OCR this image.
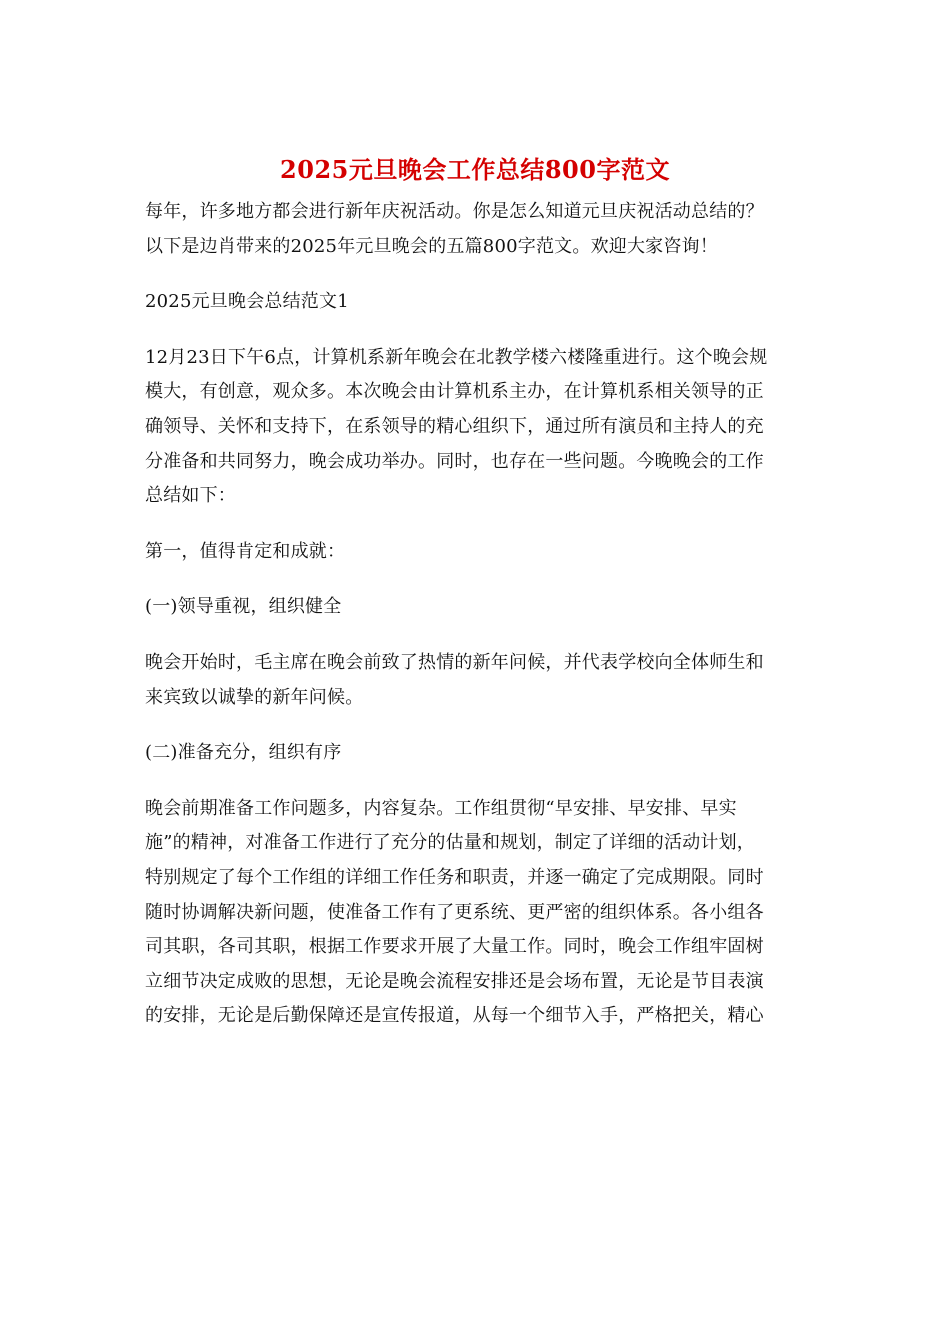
2025元旦晚会工作总结800字范文

每年，许多地方都会进行新年庆祝活动。你是怎么知道元旦庆祝活动总结的？
以下是边肖带来的2025年元旦晚会的五篇800字范文。欢迎大家咨询！

2025元旦晚会总结范文1

12月23日下午6点，计算机系新年晚会在北教学楼六楼隆重进行。这个晚会规
模大，有创意，观众多。本次晚会由计算机系主办，在计算机系相关领导的正
确领导、关怀和支持下，在系领导的精心组织下，通过所有演员和主持人的充
分准备和共同努力，晚会成功举办。同时，也存在一些问题。今晚晚会的工作
总结如下：

第一，值得肯定和成就：

(一)领导重视，组织健全

晚会开始时，毛主席在晚会前致了热情的新年问候，并代表学校向全体师生和
来宾致以诚挚的新年问候。

(二)准备充分，组织有序

晚会前期准备工作问题多，内容复杂。工作组贯彻“早安排、早安排、早实
施”的精神，对准备工作进行了充分的估量和规划，制定了详细的活动计划，
特别规定了每个工作组的详细工作任务和职责，并逐一确定了完成期限。同时
随时协调解决新问题，使准备工作有了更系统、更严密的组织体系。各小组各
司其职，各司其职，根据工作要求开展了大量工作。同时，晚会工作组牢固树
立细节决定成败的思想，无论是晚会流程安排还是会场布置，无论是节目表演
的安排，无论是后勤保障还是宣传报道，从每一个细节入手，严格把关，精心
